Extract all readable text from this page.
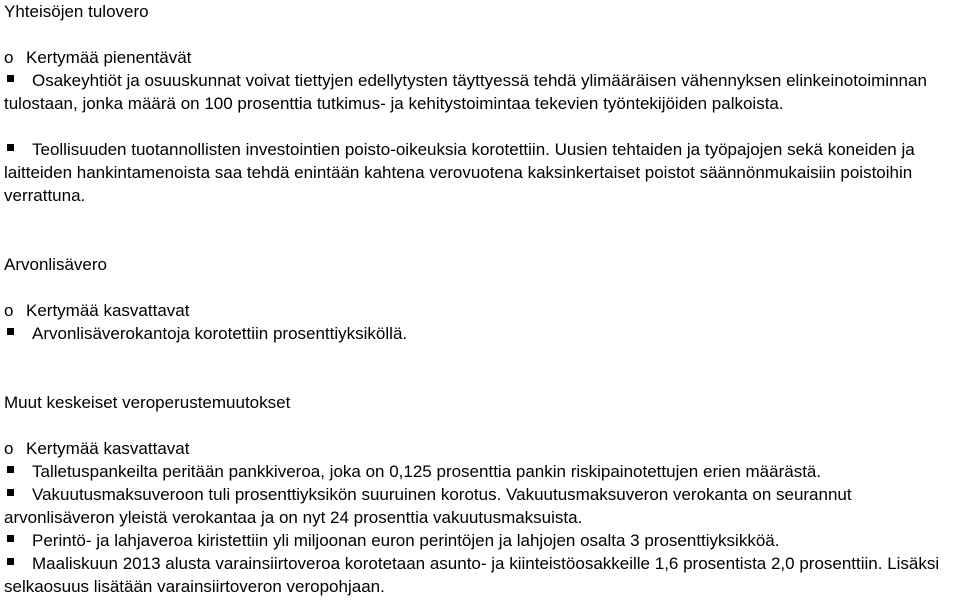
Yhteisöjen tulovero
o Kertymää pienentävät
Osakeyhtiöt ja osuuskunnat voivat tiettyjen edellytysten täyttyessä tehdä ylimääräisen vähennyksen elinkeinotoiminnan tulostaan, jonka määrä on 100 prosenttia tutkimus- ja kehitystoimintaa tekevien työntekijöiden palkoista.
Teollisuuden tuotannollisten investointien poisto-oikeuksia korotettiin. Uusien tehtaiden ja työpajojen sekä koneiden ja laitteiden hankintamenoista saa tehdä enintään kahtena verovuotena kaksinkertaiset poistot säännönmukaisiin poistoihin verrattuna.
Arvonlisävero
o Kertymää kasvattavat
Arvonlisäverokantoja korotettiin prosenttiyksiköllä.
Muut keskeiset veroperustemuutokset
o Kertymää kasvattavat
Talletuspankeilta peritään pankkiveroa, joka on 0,125 prosenttia pankin riskipainotettujen erien määrästä.
Vakuutusmaksuveroon tuli prosenttiyksikön suuruinen korotus. Vakuutusmaksuveron verokanta on seurannut arvonlisäveron yleistä verokantaa ja on nyt 24 prosenttia vakuutusmaksuista.
Perintö- ja lahjaveroa kiristettiin yli miljoonan euron perintöjen ja lahjojen osalta 3 prosenttiyksikköä.
Maaliskuun 2013 alusta varainsiirtoveroa korotetaan asunto- ja kiinteistöosakkeille 1,6 prosentista 2,0 prosenttiin. Lisäksi selkaosuus lisätään varainsiirtoveron veropohjaan.
